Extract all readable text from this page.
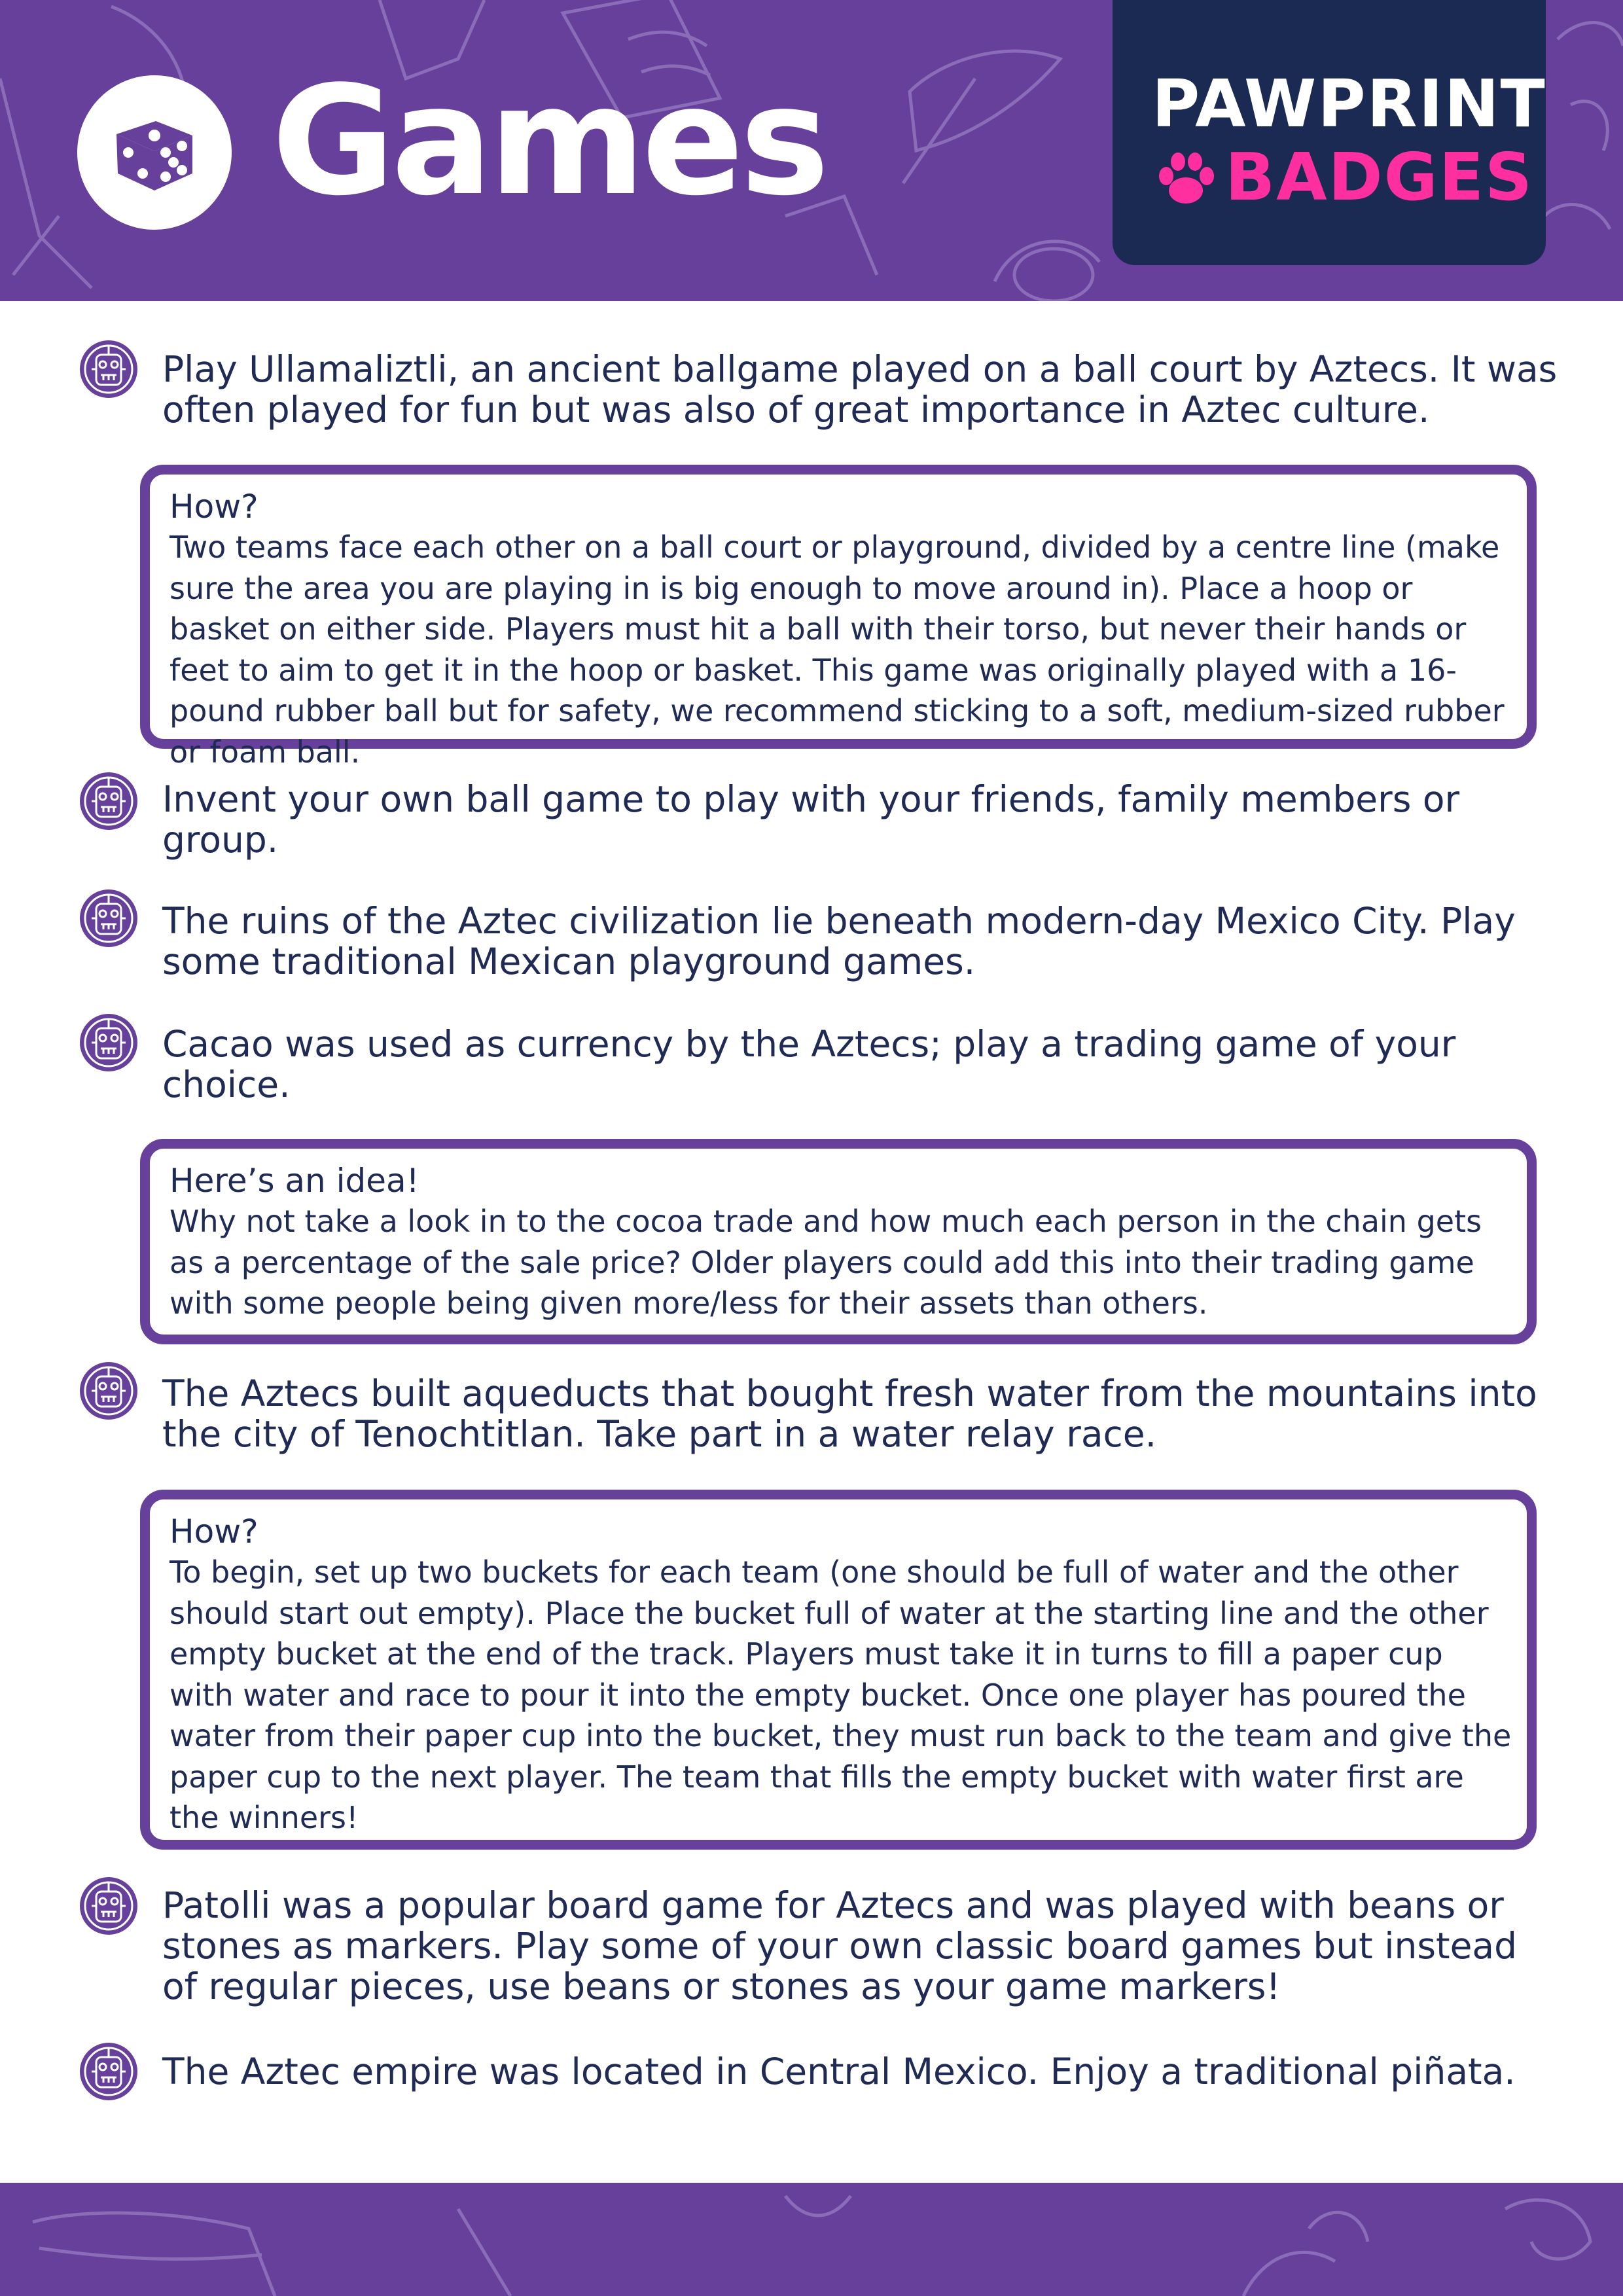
Games	PAWPRINT
BADGES
Play Ullamaliztli, an ancient ballgame played on a ball court by Aztecs. It was often played for fun but was also of great importance in Aztec culture.
How?
Two teams face each other on a ball court or playground, divided by a centre line (make sure the area you are playing in is big enough to move around in). Place a hoop or basket on either side. Players must hit a ball with their torso, but never their hands or feet to aim to get it in the hoop or basket. This game was originally played with a 16-pound rubber ball but for safety, we recommend sticking to a soft, medium-sized rubber or foam ball.
Invent your own ball game to play with your friends, family members or group.
The ruins of the Aztec civilization lie beneath modern-day Mexico City. Play some traditional Mexican playground games.
Cacao was used as currency by the Aztecs; play a trading game of your choice.
Here’s an idea!
Why not take a look in to the cocoa trade and how much each person in the chain gets as a percentage of the sale price? Older players could add this into their trading game with some people being given more/less for their assets than others.
The Aztecs built aqueducts that bought fresh water from the mountains into the city of Tenochtitlan. Take part in a water relay race.
How?
To begin, set up two buckets for each team (one should be full of water and the other should start out empty). Place the bucket full of water at the starting line and the other empty bucket at the end of the track. Players must take it in turns to fill a paper cup with water and race to pour it into the empty bucket. Once one player has poured the water from their paper cup into the bucket, they must run back to the team and give the paper cup to the next player. The team that fills the empty bucket with water first are the winners!
Patolli was a popular board game for Aztecs and was played with beans or stones as markers. Play some of your own classic board games but instead of regular pieces, use beans or stones as your game markers!
The Aztec empire was located in Central Mexico. Enjoy a traditional piñata.
